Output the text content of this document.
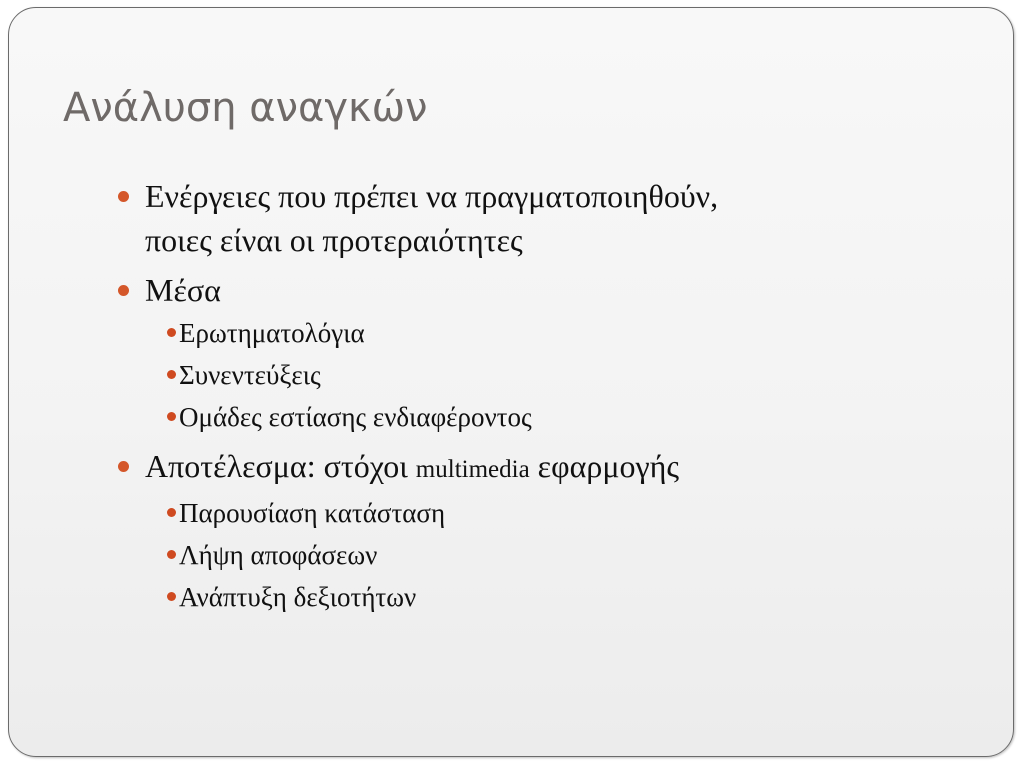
Ανάλυση αναγκών
Ενέργειες που πρέπει να πραγματοποιηθούν,
ποιες είναι οι προτεραιότητες
Μέσα
Ερωτηματολόγια
Συνεντεύξεις
Ομάδες εστίασης ενδιαφέροντος
Αποτέλεσμα: στόχοι multimedia εφαρμογής
Παρουσίαση κατάσταση
Λήψη αποφάσεων
Ανάπτυξη δεξιοτήτων
